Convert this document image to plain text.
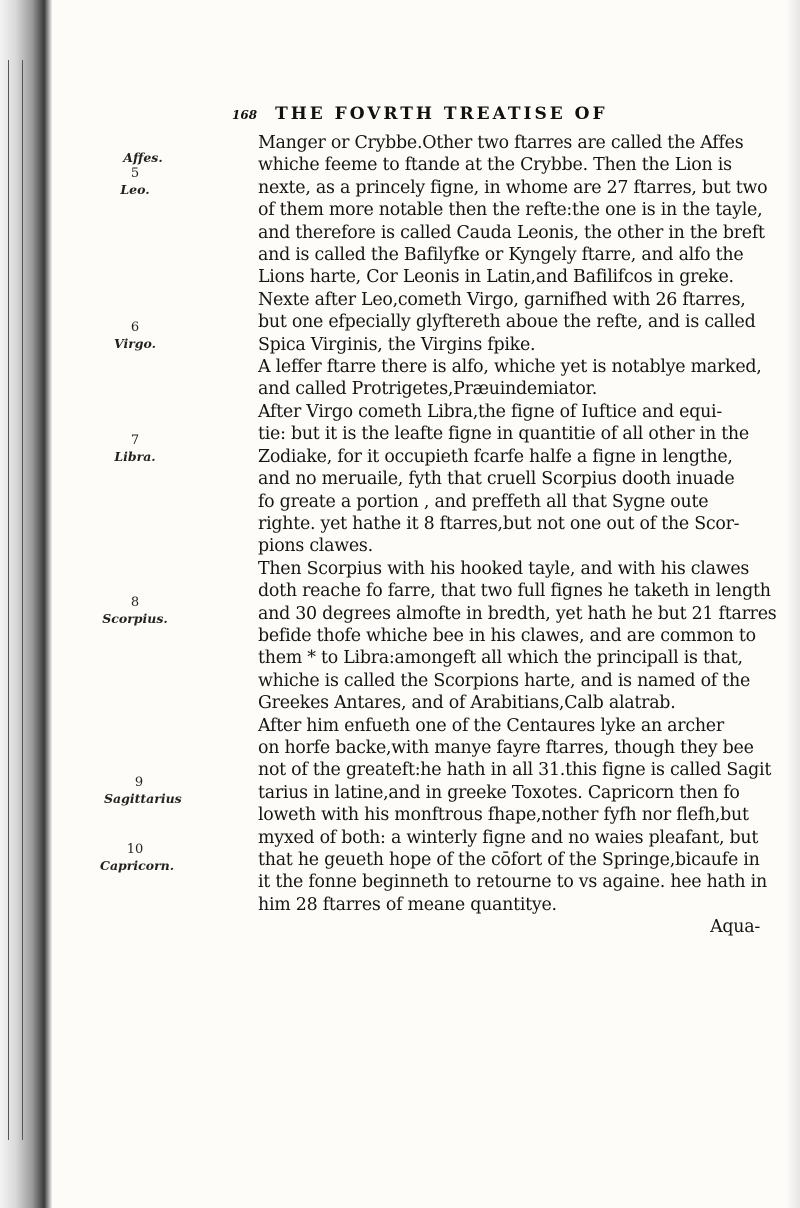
168 THE FOVRTH TREATISE OF
Affes.
5
Leo.
6
Virgo.
7
Libra.
8
Scorpius.
9
Sagittarius
10
Capricorn.

Manger or Crybbe.Other two ftarres are called the Affes

whiche feeme to ftande at the Crybbe. Then the Lion is

nexte, as a princely figne, in whome are 27 ftarres, but two

of them more notable then the refte:the one is in the tayle,

and therefore is called Cauda Leonis, the other in the breft

and is called the Bafilyfke or Kyngely ftarre, and alfo the

Lions harte, Cor Leonis in Latin,and Bafilifcos in greke.

Nexte after Leo,cometh Virgo, garnifhed with 26 ftarres,

but one efpecially glyftereth aboue the refte, and is called

Spica Virginis, the Virgins fpike.

A leffer ftarre there is alfo, whiche yet is notablye marked,

and called Protrigetes,Præuindemiator.

After Virgo cometh Libra,the figne of Iuftice and equi-

tie: but it is the leafte figne in quantitie of all other in the

Zodiake, for it occupieth fcarfe halfe a figne in lengthe,

and no meruaile, fyth that cruell Scorpius dooth inuade

fo greate a portion , and preffeth all that Sygne oute

righte. yet hathe it 8 ftarres,but not one out of the Scor-

pions clawes.

Then Scorpius with his hooked tayle, and with his clawes

doth reache fo farre, that two full fignes he taketh in length

and 30 degrees almofte in bredth, yet hath he but 21 ftarres

befide thofe whiche bee in his clawes, and are common to

them * to Libra:amongeft all which the principall is that,

whiche is called the Scorpions harte, and is named of the

Greekes Antares, and of Arabitians,Calb alatrab.

After him enfueth one of the Centaures lyke an archer

on horfe backe,with manye fayre ftarres, though they bee

not of the greateft:he hath in all 31.this figne is called Sagit

tarius in latine,and in greeke Toxotes. Capricorn then fo

loweth with his monftrous fhape,nother fyfh nor flefh,but

myxed of both: a winterly figne and no waies pleafant, but

that he geueth hope of the cōfort of the Springe,bicaufe in

it the fonne beginneth to retourne to vs againe. hee hath in

him 28 ftarres of meane quantitye.

Aqua-
